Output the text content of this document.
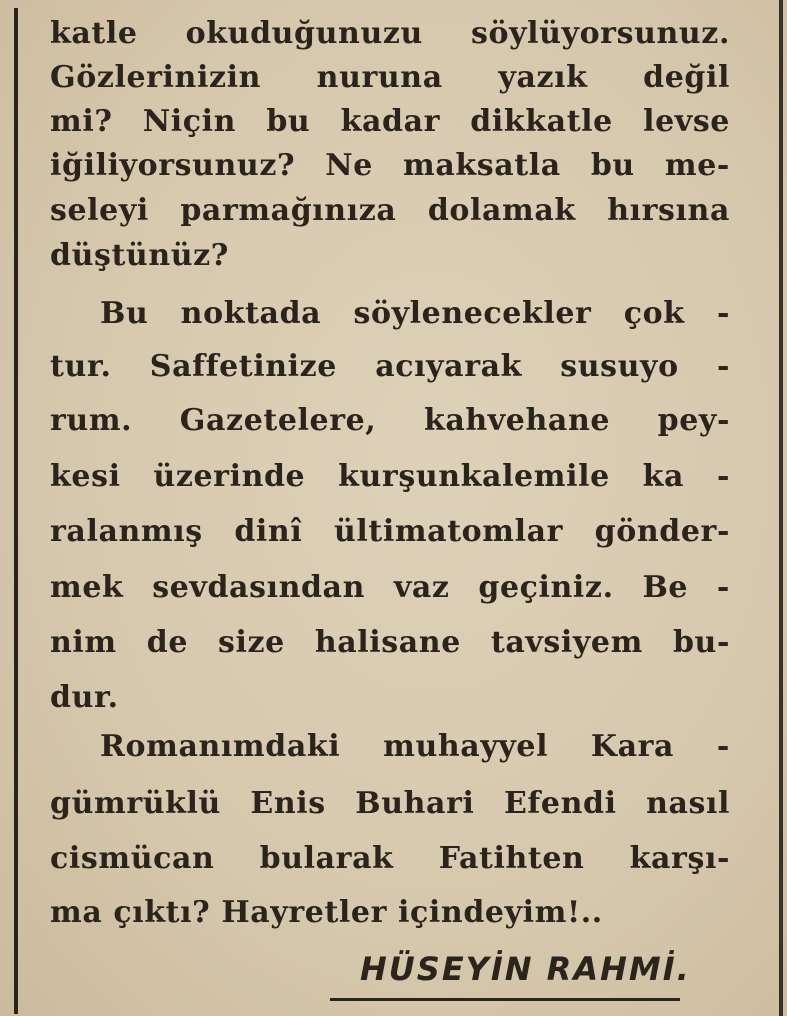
katle okuduğunuzu söylüyorsunuz.
Gözlerinizin nuruna yazık değil
mi? Niçin bu kadar dikkatle levse
iğiliyorsunuz? Ne maksatla bu me-
seleyi parmağınıza dolamak hırsına
düştünüz?
Bu noktada söylenecekler çok -
tur. Saffetinize acıyarak susuyo -
rum. Gazetelere, kahvehane pey-
kesi üzerinde kurşunkalemile ka -
ralanmış dinî ültimatomlar gönder-
mek sevdasından vaz geçiniz. Be -
nim de size halisane tavsiyem bu-
dur.
Romanımdaki muhayyel Kara -
gümrüklü Enis Buhari Efendi nasıl
cismücan bularak Fatihten karşı-
ma çıktı? Hayretler içindeyim!..
HÜSEYİN RAHMİ.
